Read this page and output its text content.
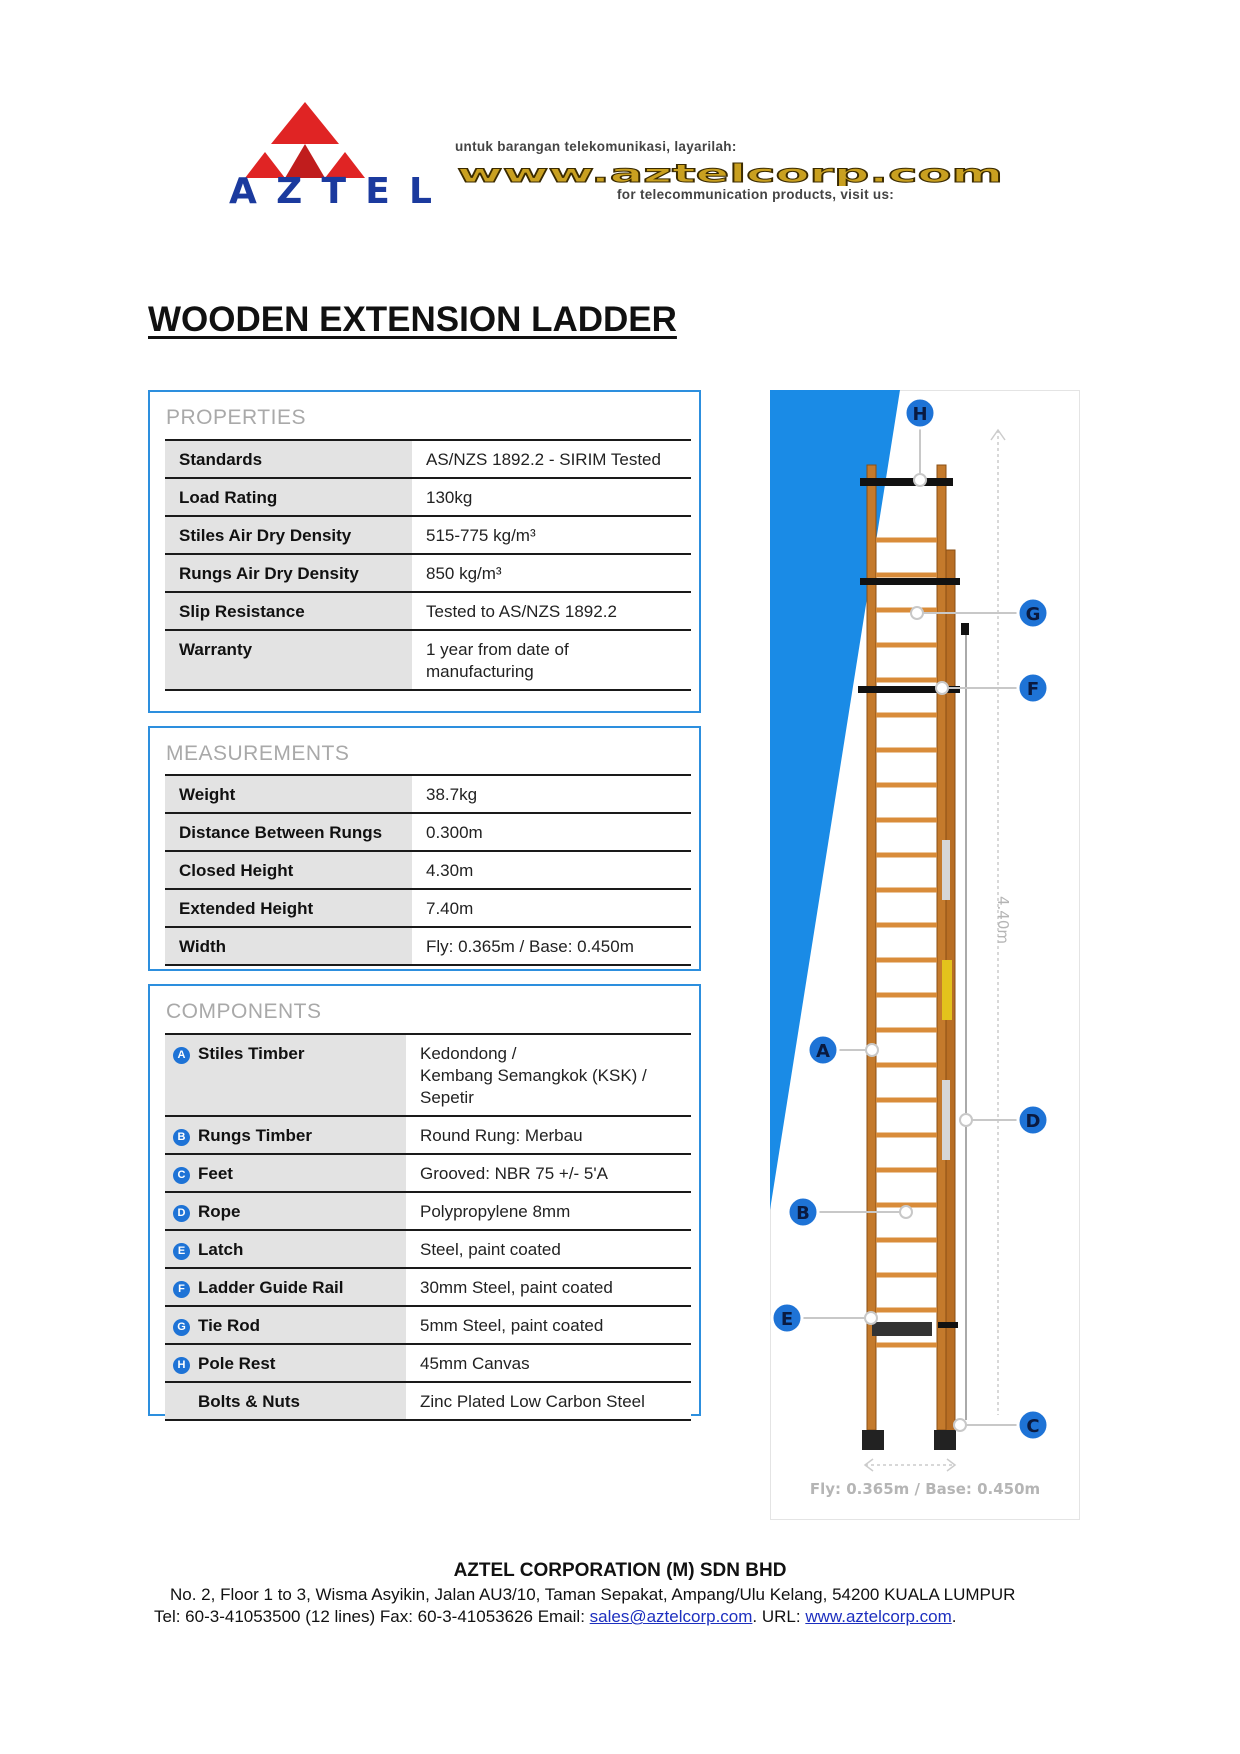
AZTEL
untuk barangan telekomunikasi, layarilah:
www.aztelcorp.com
for telecommunication products, visit us:
WOODEN EXTENSION LADDER
PROPERTIES
Standards	AS/NZS 1892.2 - SIRIM Tested
Load Rating	130kg
Stiles Air Dry Density	515-775 kg/m³
Rungs Air Dry Density	850 kg/m³
Slip Resistance	Tested to AS/NZS 1892.2
Warranty	1 year from date of
manufacturing
MEASUREMENTS
Weight	38.7kg
Distance Between Rungs	0.300m
Closed Height	4.30m
Extended Height	7.40m
Width	Fly: 0.365m / Base: 0.450m
COMPONENTS
A Stiles Timber	Kedondong /
Kembang Semangkok (KSK) /
Sepetir

B Rungs Timber	Round Rung: Merbau
C Feet	Grooved: NBR 75 +/- 5'A
D Rope	Polypropylene 8mm
E Latch	Steel, paint coated
F Ladder Guide Rail	30mm Steel, paint coated
G Tie Rod	5mm Steel, paint coated
H Pole Rest	45mm Canvas
Bolts & Nuts	Zinc Plated Low Carbon Steel
4.40m
Fly: 0.365m / Base: 0.450m
H
G
F
A
D
B
E
C
AZTEL CORPORATION (M) SDN BHD
No. 2, Floor 1 to 3, Wisma Asyikin, Jalan AU3/10, Taman Sepakat, Ampang/Ulu Kelang, 54200 KUALA LUMPUR
Tel: 60-3-41053500 (12 lines) Fax: 60-3-41053626 Email: sales@aztelcorp.com. URL: www.aztelcorp.com.
